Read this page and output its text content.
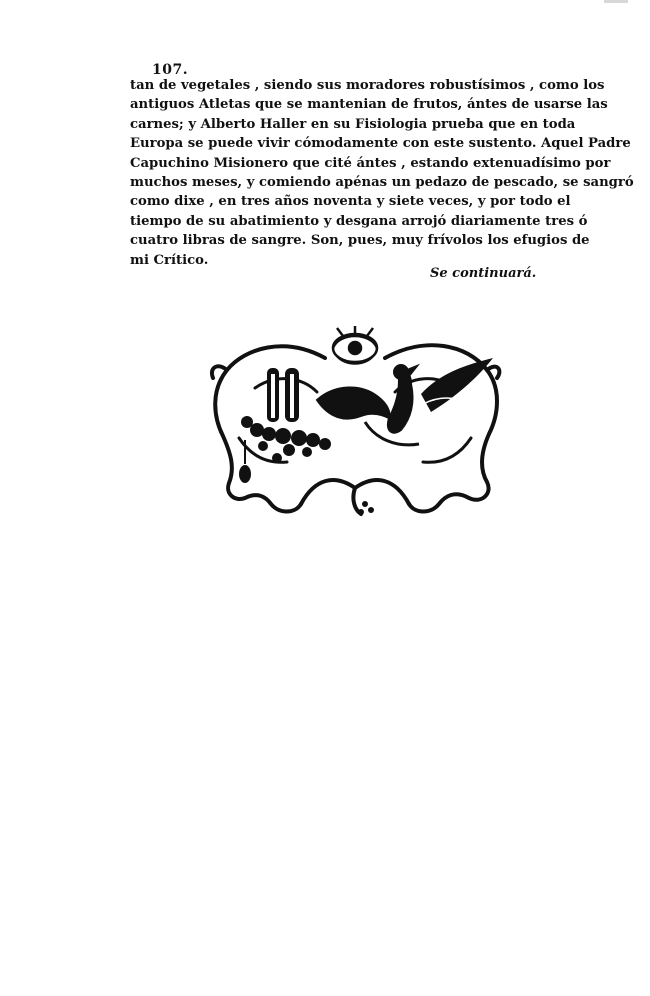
107.
tan de vegetales , siendo sus moradores robustísimos , como los
antiguos Atletas que se mantenian de frutos, ántes de usarse las
carnes; y Alberto Haller en su Fisiologia prueba que en toda
Europa se puede vivir cómodamente con este sustento. Aquel Padre
Capuchino Misionero que cité ántes , estando extenuadísimo por
muchos meses, y comiendo apénas un pedazo de pescado, se sangró
como dixe , en tres años noventa y siete veces, y por todo el
tiempo de su abatimiento y desgana arrojó diariamente tres ó
cuatro libras de sangre. Son, pues, muy frívolos los efugios de
mi Crítico.
Se continuará.
